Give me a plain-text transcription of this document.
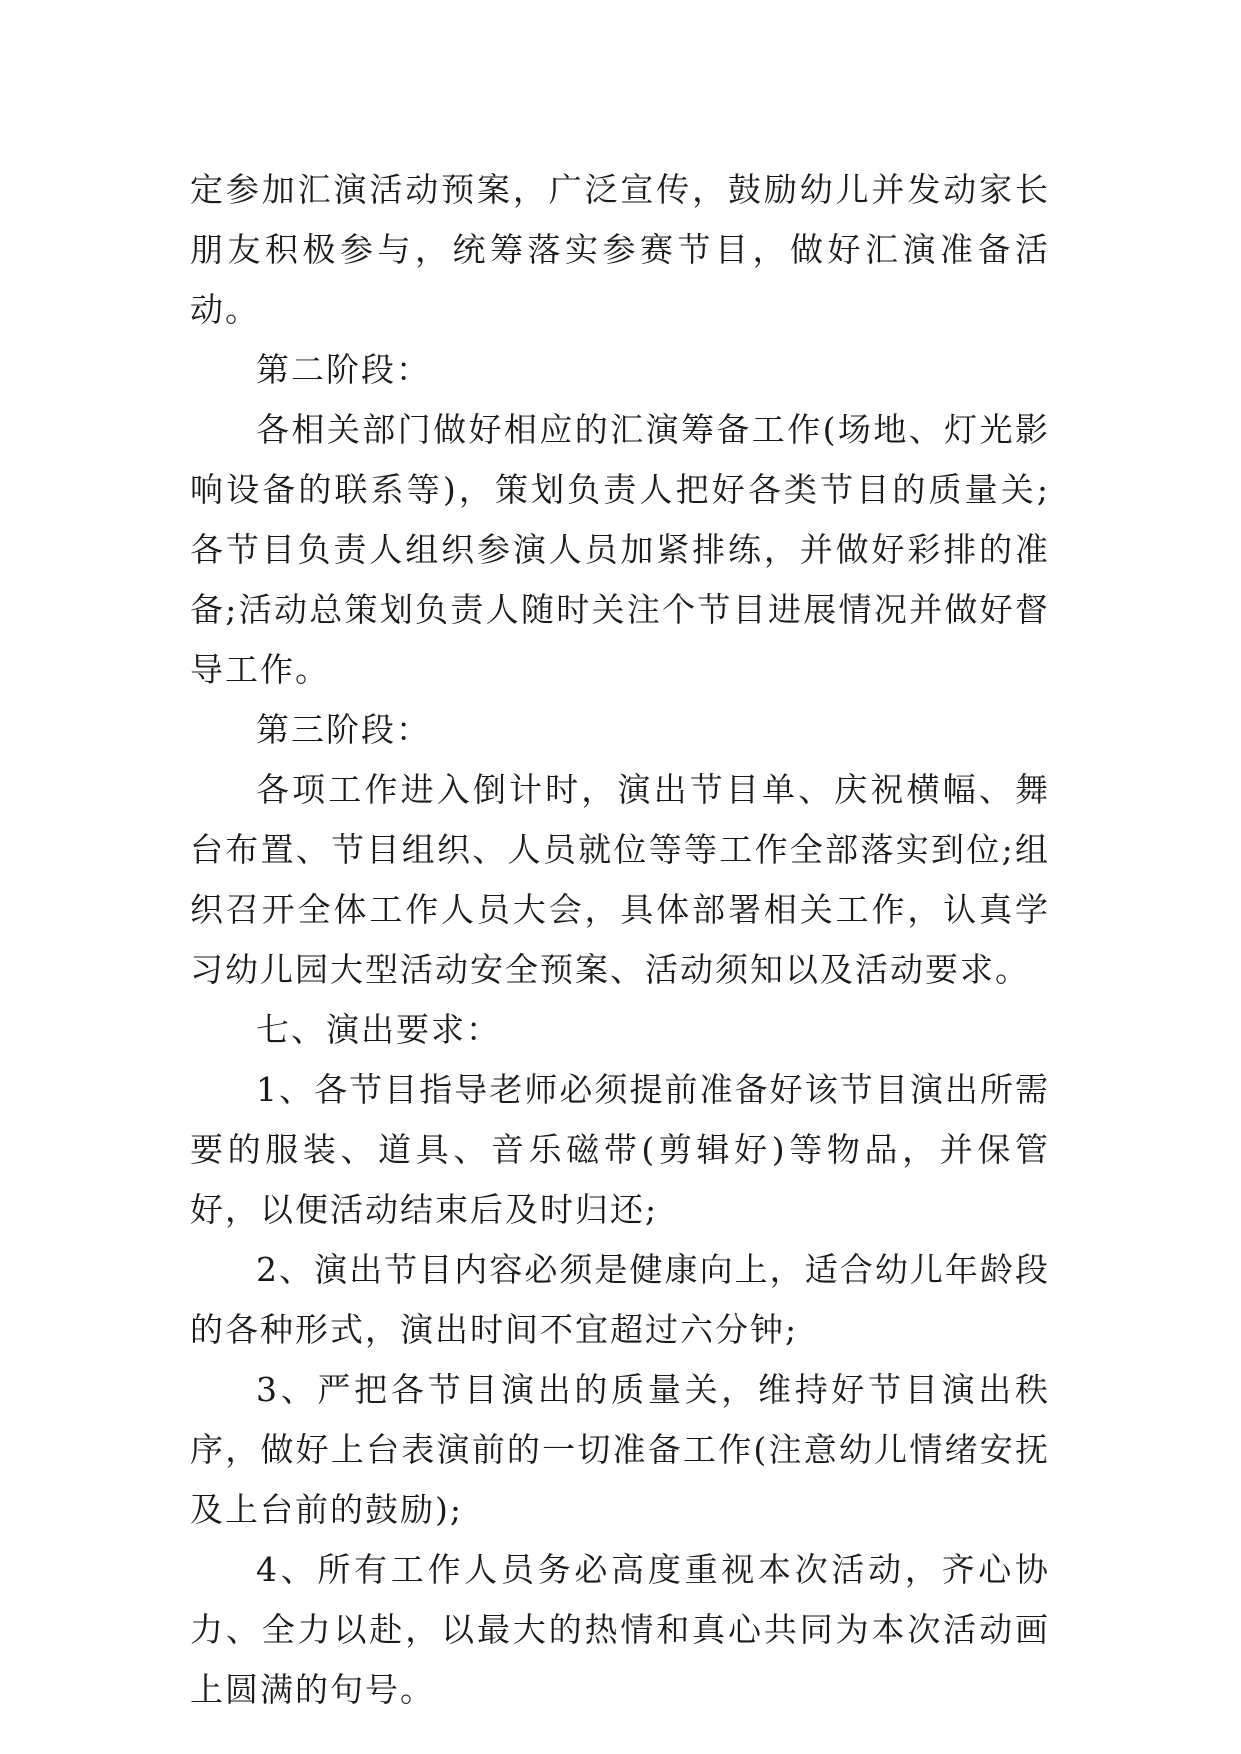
定参加汇演活动预案，广泛宣传，鼓励幼儿并发动家长朋友积极参与，统筹落实参赛节目，做好汇演准备活动。

第二阶段：

各相关部门做好相应的汇演筹备工作(场地、灯光影响设备的联系等)，策划负责人把好各类节目的质量关;各节目负责人组织参演人员加紧排练，并做好彩排的准备;活动总策划负责人随时关注个节目进展情况并做好督导工作。

第三阶段：

各项工作进入倒计时，演出节目单、庆祝横幅、舞台布置、节目组织、人员就位等等工作全部落实到位;组织召开全体工作人员大会，具体部署相关工作，认真学习幼儿园大型活动安全预案、活动须知以及活动要求。

七、演出要求：

1、各节目指导老师必须提前准备好该节目演出所需要的服装、道具、音乐磁带(剪辑好)等物品，并保管好，以便活动结束后及时归还;

2、演出节目内容必须是健康向上，适合幼儿年龄段的各种形式，演出时间不宜超过六分钟;

3、严把各节目演出的质量关，维持好节目演出秩序，做好上台表演前的一切准备工作(注意幼儿情绪安抚及上台前的鼓励);

4、所有工作人员务必高度重视本次活动，齐心协力、全力以赴，以最大的热情和真心共同为本次活动画上圆满的句号。
